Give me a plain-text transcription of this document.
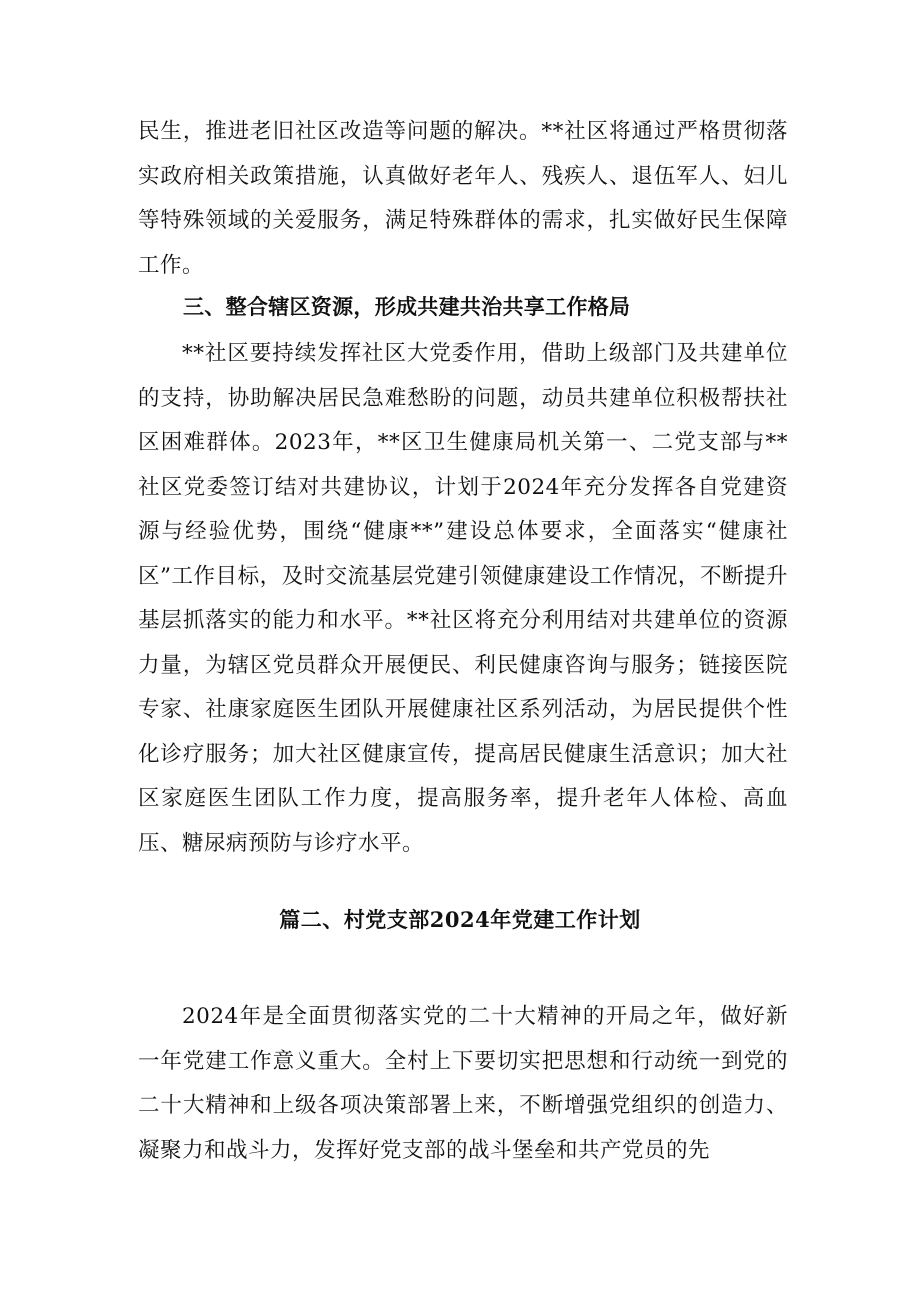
民生，推进老旧社区改造等问题的解决。**社区将通过严格贯彻落实政府相关政策措施，认真做好老年人、残疾人、退伍军人、妇儿等特殊领域的关爱服务，满足特殊群体的需求，扎实做好民生保障工作。

三、整合辖区资源，形成共建共治共享工作格局

**社区要持续发挥社区大党委作用，借助上级部门及共建单位的支持，协助解决居民急难愁盼的问题，动员共建单位积极帮扶社区困难群体。2023年，**区卫生健康局机关第一、二党支部与**社区党委签订结对共建协议，计划于2024年充分发挥各自党建资源与经验优势，围绕“健康**”建设总体要求，全面落实“健康社区”工作目标，及时交流基层党建引领健康建设工作情况，不断提升基层抓落实的能力和水平。**社区将充分利用结对共建单位的资源力量，为辖区党员群众开展便民、利民健康咨询与服务；链接医院专家、社康家庭医生团队开展健康社区系列活动，为居民提供个性化诊疗服务；加大社区健康宣传，提高居民健康生活意识；加大社区家庭医生团队工作力度，提高服务率，提升老年人体检、高血压、糖尿病预防与诊疗水平。

篇二、村党支部2024年党建工作计划

2024年是全面贯彻落实党的二十大精神的开局之年，做好新一年党建工作意义重大。全村上下要切实把思想和行动统一到党的二十大精神和上级各项决策部署上来，不断增强党组织的创造力、凝聚力和战斗力，发挥好党支部的战斗堡垒和共产党员的先
